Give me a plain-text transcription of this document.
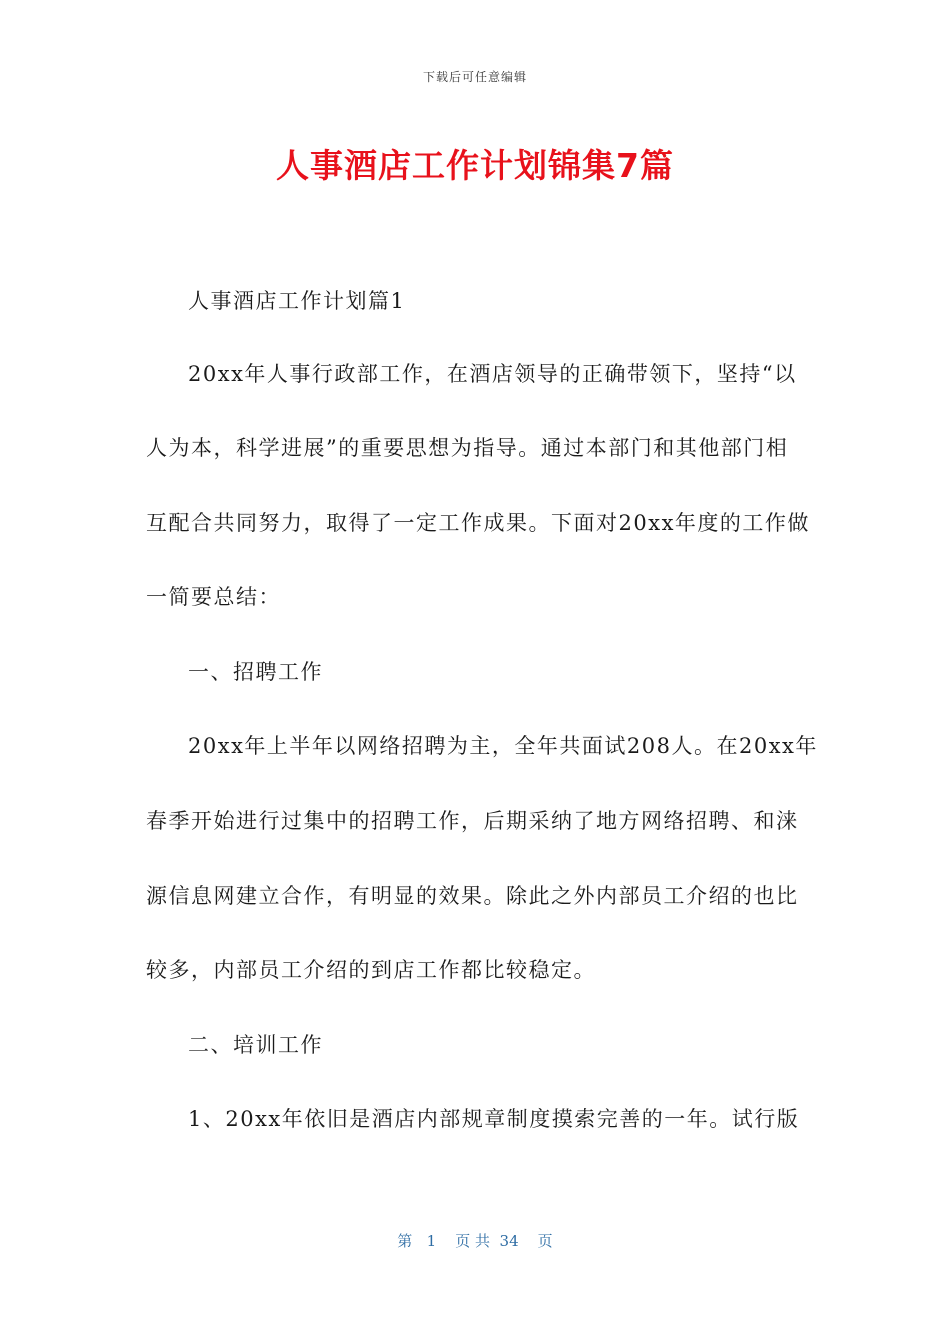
下载后可任意编辑
人事酒店工作计划锦集7篇
人事酒店工作计划篇1
20xx年人事行政部工作，在酒店领导的正确带领下，坚持“以
人为本，科学进展”的重要思想为指导。通过本部门和其他部门相
互配合共同努力，取得了一定工作成果。下面对20xx年度的工作做
一简要总结：
一、招聘工作
20xx年上半年以网络招聘为主，全年共面试208人。在20xx年
春季开始进行过集中的招聘工作，后期采纳了地方网络招聘、和涞
源信息网建立合作，有明显的效果。除此之外内部员工介绍的也比
较多，内部员工介绍的到店工作都比较稳定。
二、培训工作
1、20xx年依旧是酒店内部规章制度摸索完善的一年。试行版
第   1    页 共  34    页
